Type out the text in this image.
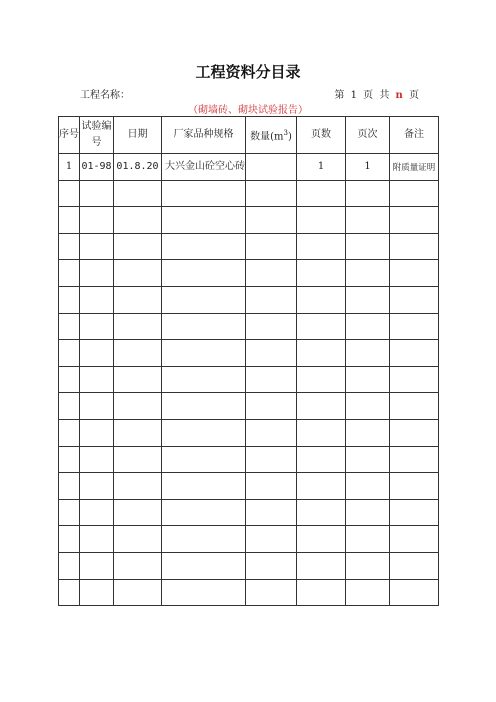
工程资料分目录
工程名称：	第 1 页 共 n 页
（砌墙砖、砌块试验报告）
序号	试验编号	日期	厂家品种规格	数量$(m^3)$	页数	页次	备注
1	01-98	01.8.20	大兴金山砼空心砖		1	1	附质量证明
